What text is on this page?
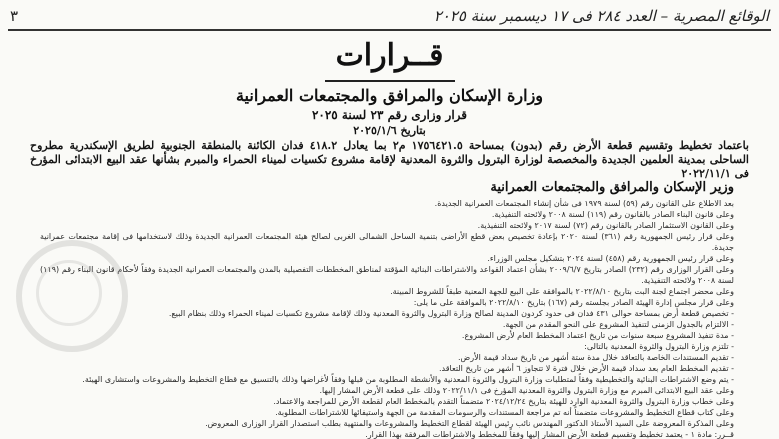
الوقائع المصرية – العدد ٢٨٤ فى ١٧ ديسمبر سنة ٢٠٢٥
٣
قــرارات
وزارة الإسكان والمرافق والمجتمعات العمرانية
قرار وزارى رقم ٢٣ لسنة ٢٠٢٥
بتاريخ ٢٠٢٥/١/٦
باعتماد تخطيط وتقسيم قطعة الأرض رقم (بدون) بمساحة ١٧٥٦٤٢١.٥ م٢ بما يعادل ٤١٨.٢ فدان الكائنة بالمنطقة الجنوبية لطريق الإسكندرية مطروح الساحلى بمدينة العلمين الجديدة والمخصصة لوزارة البترول والثروة المعدنية لإقامة مشروع تكسيات لميناء الحمراء والمبرم بشأنها عقد البيع الابتدائى المؤرخ فى ٢٠٢٢/١١/١
وزير الإسكان والمرافق والمجتمعات العمرانية

بعد الاطلاع على القانون رقم (٥٩) لسنة ١٩٧٩ فى شأن إنشاء المجتمعات العمرانية الجديدة.

وعلى قانون البناء الصادر بالقانون رقم (١١٩) لسنة ٢٠٠٨ ولائحته التنفيذية.

وعلى القانون الاستثمار الصادر بالقانون رقم (٧٢) لسنة ٢٠١٧ ولائحته التنفيذية.

وعلى قرار رئيس الجمهورية رقم (٣٦١) لسنة ٢٠٢٠ بإعادة تخصيص بعض قطع الأراضى بتنمية الساحل الشمالى الغربى لصالح هيئة المجتمعات العمرانية الجديدة وذلك لاستخدامها فى إقامة مجتمعات عمرانية جديدة.

وعلى قرار رئيس الجمهورية رقم (٤٥٨) لسنة ٢٠٢٤ بتشكيل مجلس الوزراء.

وعلى القرار الوزارى رقم (٢٣٢) الصادر بتاريخ ٢٠٠٩/٦/٧ بشأن اعتماد القواعد والاشتراطات البنائية المؤقتة لمناطق المخططات التفصيلية بالمدن والمجتمعات العمرانية الجديدة وفقاً لأحكام قانون البناء رقم (١١٩) لسنة ٢٠٠٨ ولائحته التنفيذية.

وعلى محضر اجتماع لجنة البت بتاريخ ٢٠٢٢/٨/١٠ بالموافقة على البيع للجهة المعنية طبقاً للشروط المبينة.

وعلى قرار مجلس إدارة الهيئة الصادر بجلسته رقم (١٦٧) بتاريخ ٢٠٢٢/٨/١٠ بالموافقة على ما يلى:

- تخصيص قطعة أرض بمساحة حوالى ٤٣١ فدان فى حدود كردون المدينة لصالح وزارة البترول والثروة المعدنية وذلك لإقامة مشروع تكسيات لميناء الحمراء وذلك بنظام البيع.

- الالتزام بالجدول الزمنى لتنفيذ المشروع على النحو المقدم من الجهة.

- مدة تنفيذ المشروع سبعة سنوات من تاريخ اعتماد المخطط العام لأرض المشروع.

- تلتزم وزارة البترول والثروة المعدنية بالتالى:

- تقديم المستندات الخاصة بالتعاقد خلال مدة ستة أشهر من تاريخ سداد قيمة الأرض.

- تقديم المخطط العام بعد سداد قيمة الأرض خلال فترة لا تتجاوز ٦ أشهر من تاريخ التعاقد.

- يتم وضع الاشتراطات البنائية والتخطيطية وفقاً لمتطلبات وزارة البترول والثروة المعدنية والأنشطة المطلوبة من قبلها وفقاً لأغراضها وذلك بالتنسيق مع قطاع التخطيط والمشروعات واستشارى الهيئة.

وعلى عقد البيع الابتدائى المبرم مع وزارة البترول والثروة المعدنية المؤرخ فى ٢٠٢٢/١١/١ وذلك على قطعة الأرض المشار إليها.

وعلى خطاب وزارة البترول والثروة المعدنية الوارد للهيئة بتاريخ ٢٠٢٤/١٢/٢٤ متضمناً التقدم بالمخطط العام لقطعة الأرض للمراجعة والاعتماد.

وعلى كتاب قطاع التخطيط والمشروعات متضمناً أنه تم مراجعة المستندات والرسومات المقدمة من الجهة واستيفائها للاشتراطات المطلوبة.

وعلى المذكرة المعروضة على السيد الأستاذ الدكتور المهندس نائب رئيس الهيئة لقطاع التخطيط والمشروعات والمنتهية بطلب استصدار القرار الوزارى المعروض.

قــرر: مادة ١ - يعتمد تخطيط وتقسيم قطعة الأرض المشار إليها وفقاً للمخطط والاشتراطات المرفقة بهذا القرار.
